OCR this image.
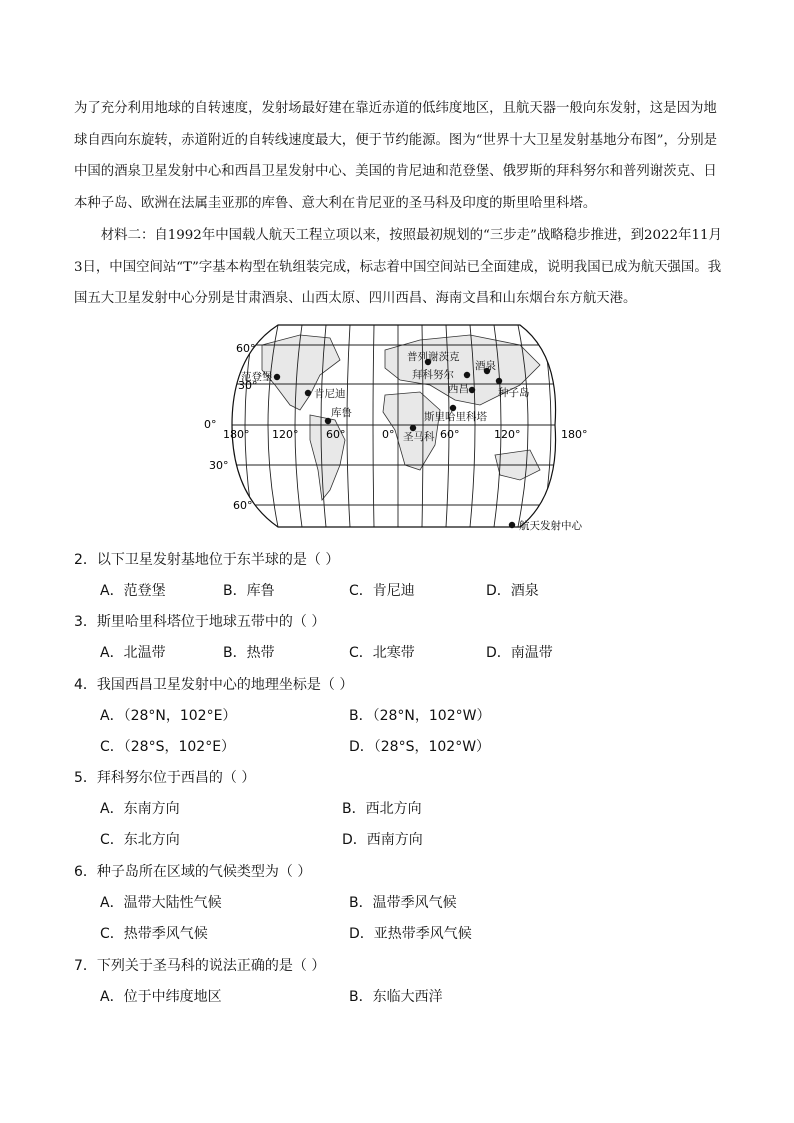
为了充分利用地球的自转速度，发射场最好建在靠近赤道的低纬度地区，且航天器一般向东发射，这是因为地球自西向东旋转，赤道附近的自转线速度最大，便于节约能源。图为“世界十大卫星发射基地分布图”，分别是中国的酒泉卫星发射中心和西昌卫星发射中心、美国的肯尼迪和范登堡、俄罗斯的拜科努尔和普列谢茨克、日本种子岛、欧洲在法属圭亚那的库鲁、意大利在肯尼亚的圣马科及印度的斯里哈里科塔。

材料二：自1992年中国载人航天工程立项以来，按照最初规划的“三步走”战略稳步推进，到2022年11月3日，中国空间站“T”字基本构型在轨组装完成，标志着中国空间站已全面建成，说明我国已成为航天强国。我国五大卫星发射中心分别是甘肃酒泉、山西太原、四川西昌、海南文昌和山东烟台东方航天港。

60°
30°
0°
30°
60°
180° 120°	60°	0°	60°	120°	180°
范登堡
肯尼迪
库鲁
普列谢茨克
拜科努尔
酒泉
西昌	种子岛
斯里哈里科塔
圣马科
航天发射中心
2．以下卫星发射基地位于东半球的是（ ）
A．范登堡	B．库鲁	C．肯尼迪	D．酒泉
3．斯里哈里科塔位于地球五带中的（ ）
A．北温带	B．热带	C．北寒带	D．南温带
4．我国西昌卫星发射中心的地理坐标是（ ）
A．（28°N，102°E）	B．（28°N，102°W）
C．（28°S，102°E）	D．（28°S，102°W）
5．拜科努尔位于西昌的（ ）
A．东南方向	B．西北方向
C．东北方向	D．西南方向
6．种子岛所在区域的气候类型为（ ）
A．温带大陆性气候	B．温带季风气候
C．热带季风气候	D．亚热带季风气候
7．下列关于圣马科的说法正确的是（ ）
A．位于中纬度地区	B．东临大西洋
